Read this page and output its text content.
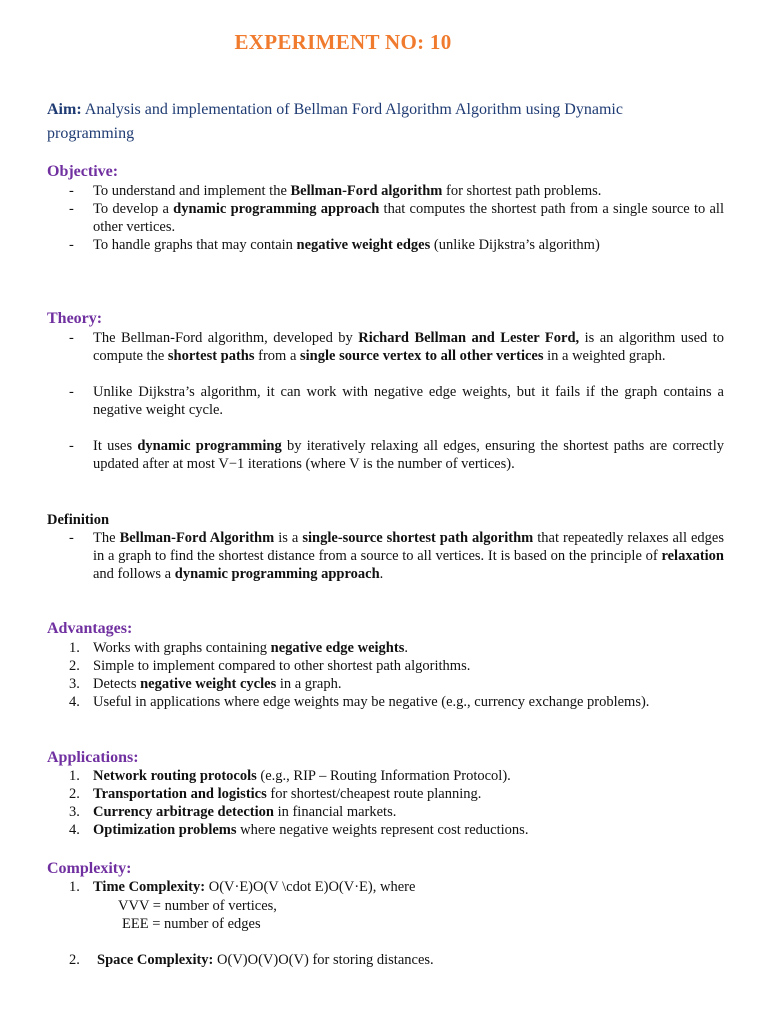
EXPERIMENT NO: 10
Aim: Analysis and implementation of Bellman Ford Algorithm Algorithm using Dynamic programming
Objective:
- To understand and implement the Bellman-Ford algorithm for shortest path problems.
- To develop a dynamic programming approach that computes the shortest path from a single source to all other vertices.
- To handle graphs that may contain negative weight edges (unlike Dijkstra’s algorithm)
Theory:
- The Bellman-Ford algorithm, developed by Richard Bellman and Lester Ford, is an algorithm used to compute the shortest paths from a single source vertex to all other vertices in a weighted graph.
- Unlike Dijkstra’s algorithm, it can work with negative edge weights, but it fails if the graph contains a negative weight cycle.
- It uses dynamic programming by iteratively relaxing all edges, ensuring the shortest paths are correctly updated after at most V−1 iterations (where V is the number of vertices).
Definition
- The Bellman-Ford Algorithm is a single-source shortest path algorithm that repeatedly relaxes all edges in a graph to find the shortest distance from a source to all vertices. It is based on the principle of relaxation and follows a dynamic programming approach.
Advantages:
1. Works with graphs containing negative edge weights.
2. Simple to implement compared to other shortest path algorithms.
3. Detects negative weight cycles in a graph.
4. Useful in applications where edge weights may be negative (e.g., currency exchange problems).
Applications:
1. Network routing protocols (e.g., RIP – Routing Information Protocol).
2. Transportation and logistics for shortest/cheapest route planning.
3. Currency arbitrage detection in financial markets.
4. Optimization problems where negative weights represent cost reductions.
Complexity:
1. Time Complexity: O(V·E)O(V \cdot E)O(V·E), where
VVV = number of vertices,
EEE = number of edges
2. Space Complexity: O(V)O(V)O(V) for storing distances.
